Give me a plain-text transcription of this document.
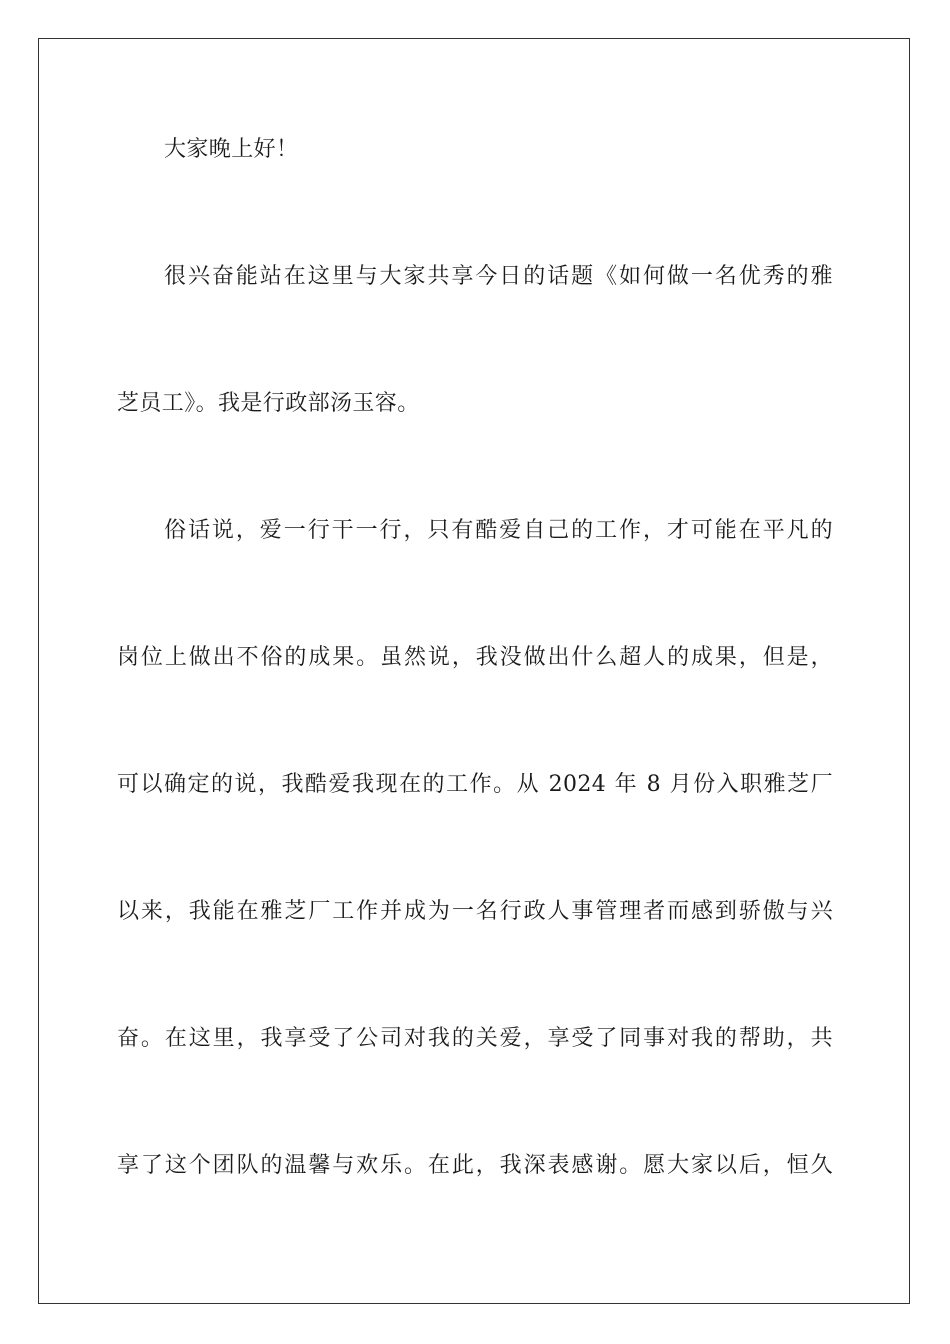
大家晚上好！
很兴奋能站在这里与大家共享今日的话题《如何做一名优秀的雅
芝员工》。我是行政部汤玉容。
俗话说，爱一行干一行，只有酷爱自己的工作，才可能在平凡的
岗位上做出不俗的成果。虽然说，我没做出什么超人的成果，但是，
可以确定的说，我酷爱我现在的工作。从 2024 年 8 月份入职雅芝厂
以来，我能在雅芝厂工作并成为一名行政人事管理者而感到骄傲与兴
奋。在这里，我享受了公司对我的关爱，享受了同事对我的帮助，共
享了这个团队的温馨与欢乐。在此，我深表感谢。愿大家以后，恒久
